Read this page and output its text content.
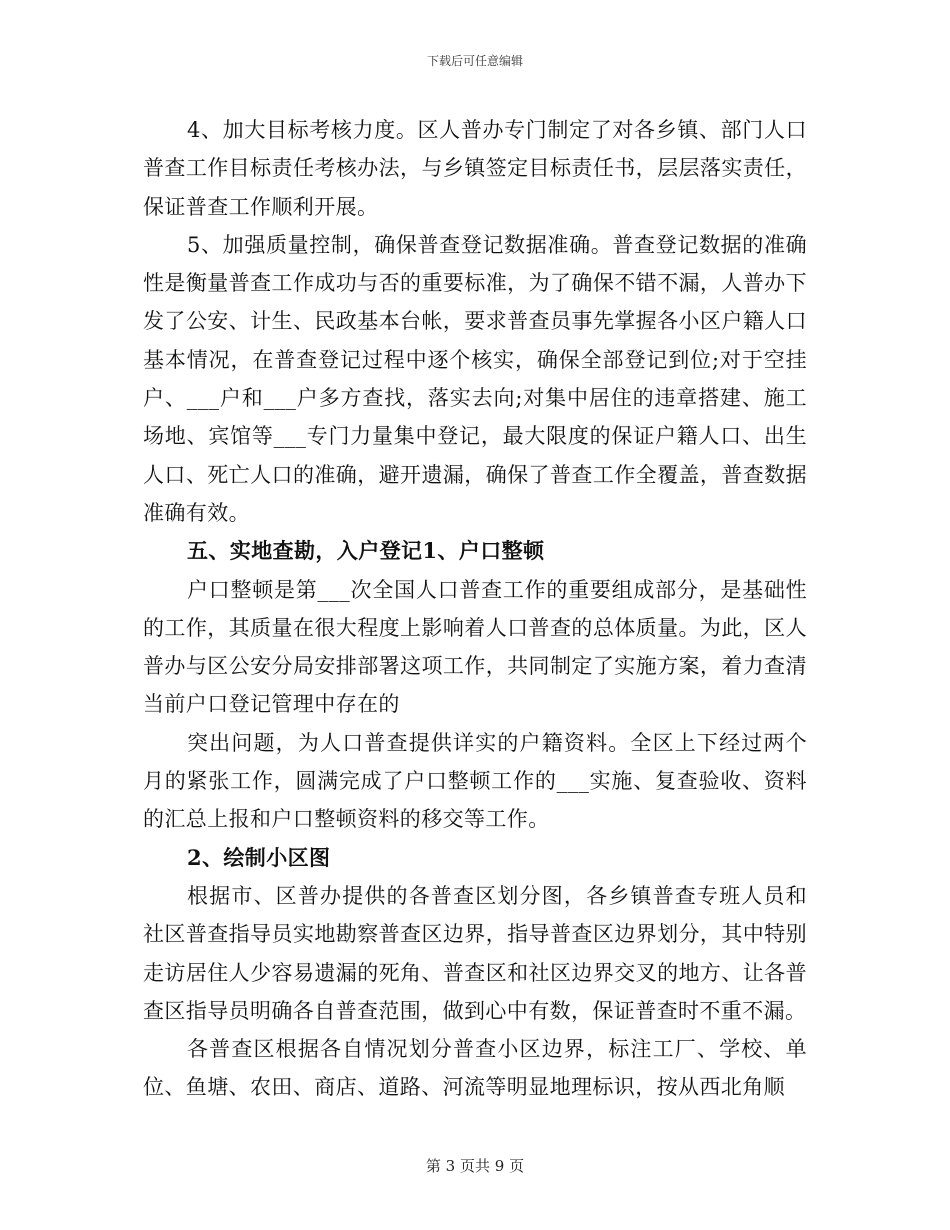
下载后可任意编辑

4、加大目标考核力度。区人普办专门制定了对各乡镇、部门人口普查工作目标责任考核办法，与乡镇签定目标责任书，层层落实责任，保证普查工作顺利开展。

5、加强质量控制，确保普查登记数据准确。普查登记数据的准确性是衡量普查工作成功与否的重要标准，为了确保不错不漏，人普办下发了公安、计生、民政基本台帐，要求普查员事先掌握各小区户籍人口基本情况，在普查登记过程中逐个核实，确保全部登记到位;对于空挂户、___户和___户多方查找，落实去向;对集中居住的违章搭建、施工场地、宾馆等___专门力量集中登记，最大限度的保证户籍人口、出生人口、死亡人口的准确，避开遗漏，确保了普查工作全覆盖，普查数据准确有效。

五、实地查勘，入户登记1、户口整顿

户口整顿是第___次全国人口普查工作的重要组成部分，是基础性的工作，其质量在很大程度上影响着人口普查的总体质量。为此，区人普办与区公安分局安排部署这项工作，共同制定了实施方案，着力查清当前户口登记管理中存在的

突出问题，为人口普查提供详实的户籍资料。全区上下经过两个月的紧张工作，圆满完成了户口整顿工作的___实施、复查验收、资料的汇总上报和户口整顿资料的移交等工作。

2、绘制小区图

根据市、区普办提供的各普查区划分图，各乡镇普查专班人员和社区普查指导员实地勘察普查区边界，指导普查区边界划分，其中特别走访居住人少容易遗漏的死角、普查区和社区边界交叉的地方、让各普查区指导员明确各自普查范围，做到心中有数，保证普查时不重不漏。

各普查区根据各自情况划分普查小区边界，标注工厂、学校、单位、鱼塘、农田、商店、道路、河流等明显地理标识，按从西北角顺

第 3 页共 9 页
